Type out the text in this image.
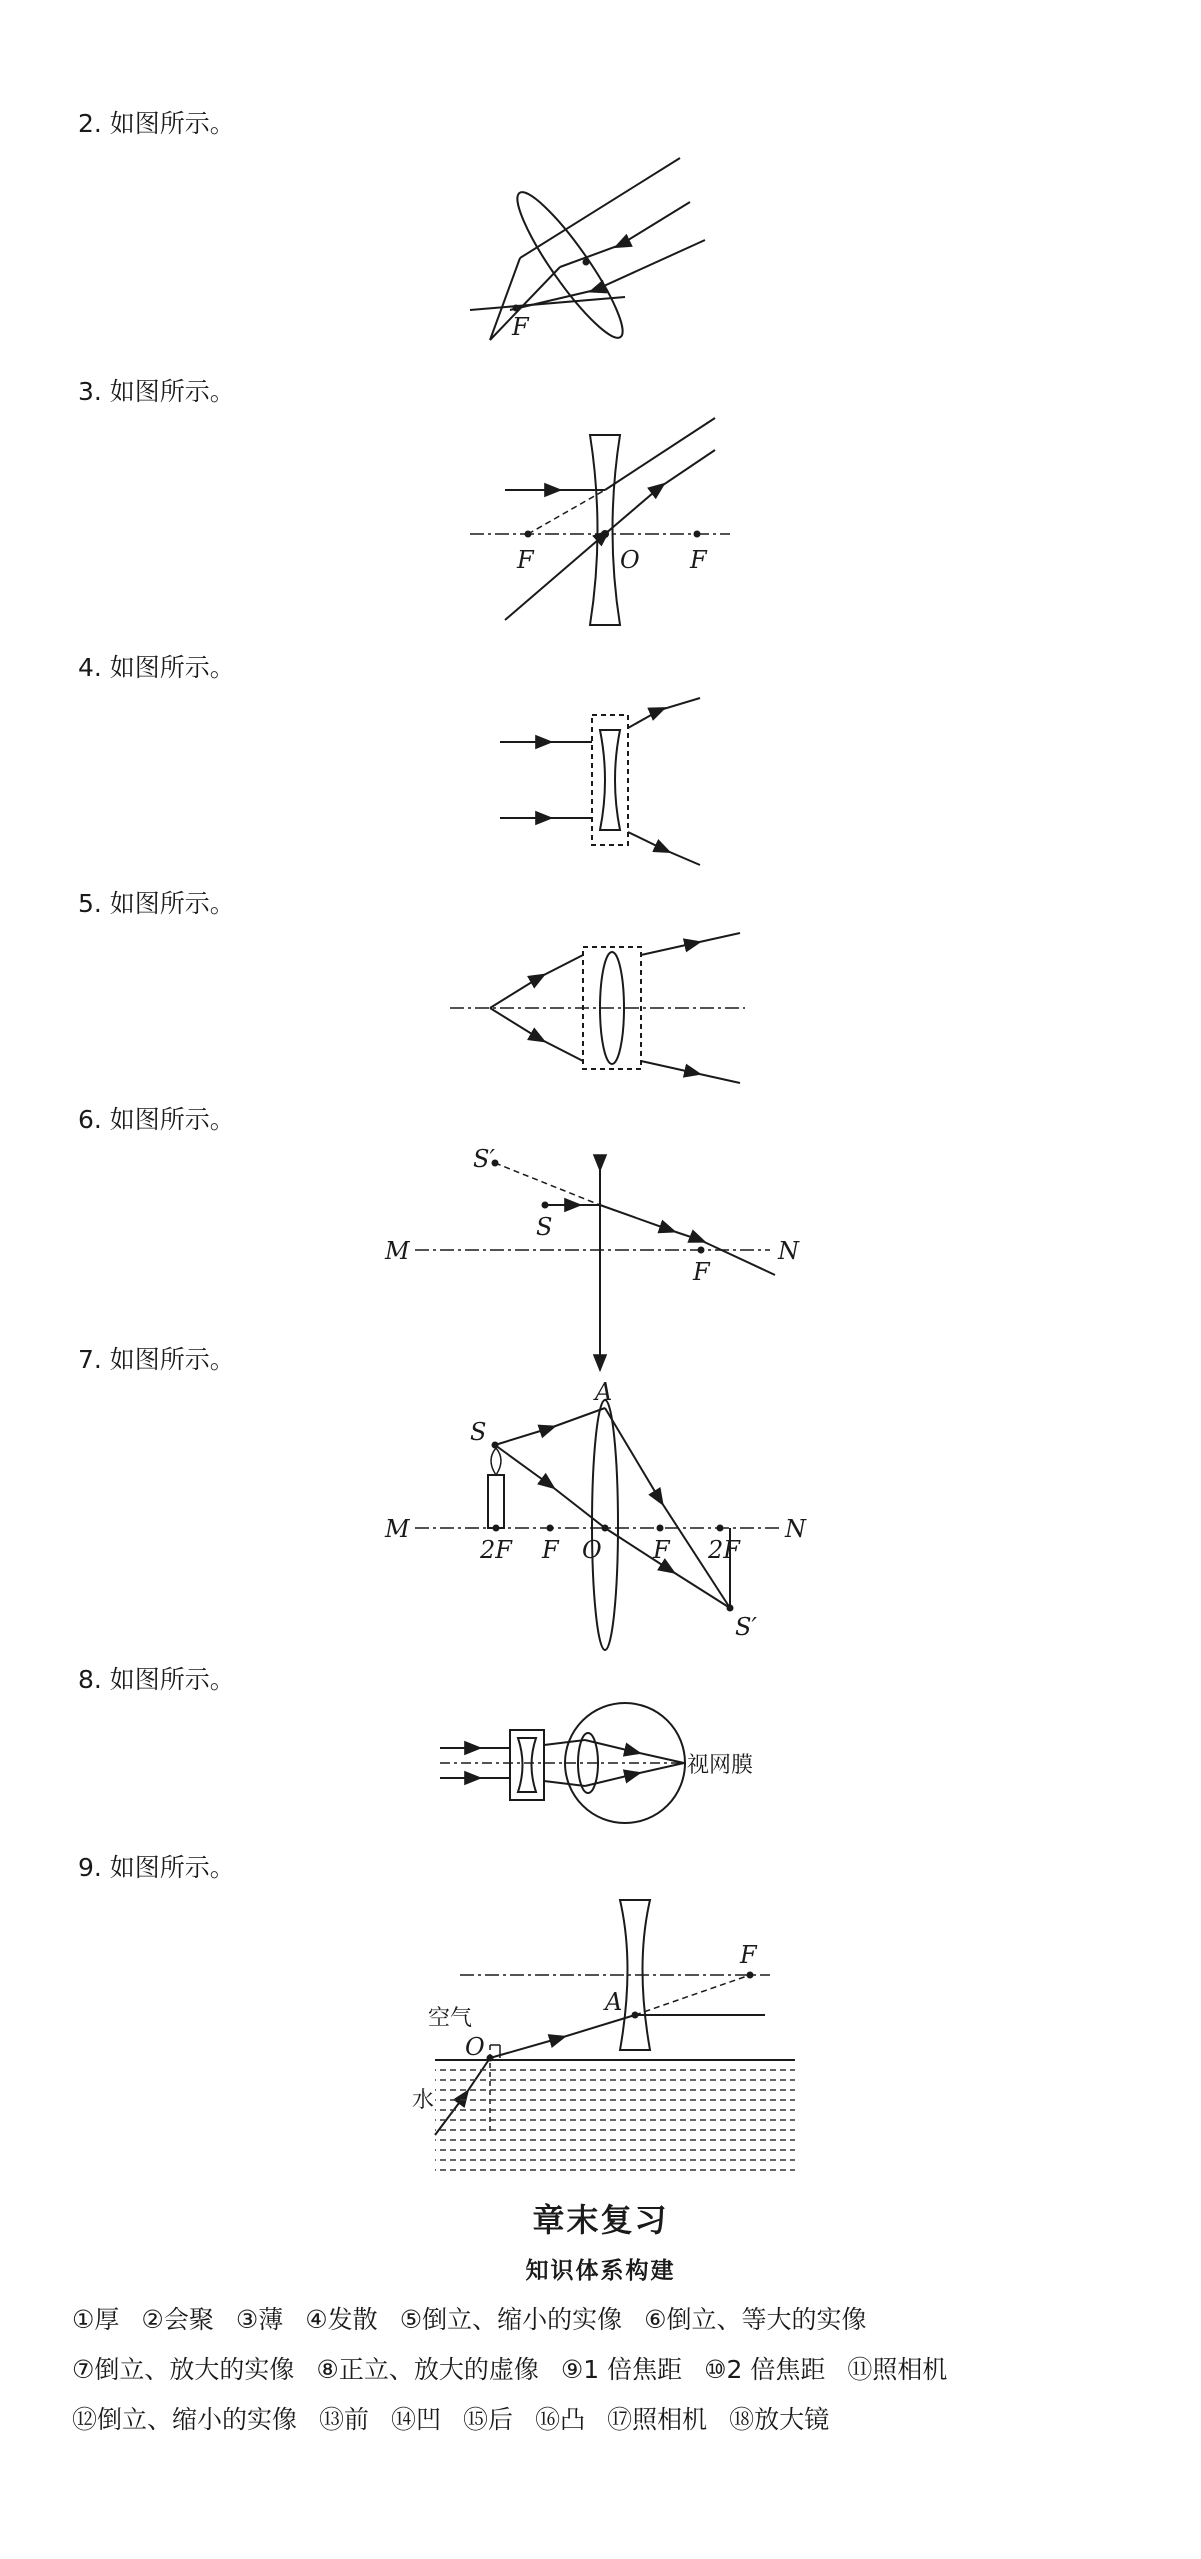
2. 如图所示。
F
3. 如图所示。
F	O F
4. 如图所示。
5. 如图所示。
6. 如图所示。
S′
S
M
F
N
7. 如图所示。
A
S
M
2F F O F 2F
N
S′
8. 如图所示。
视网膜
9. 如图所示。
F
A
空气
O
水
章末复习
知识体系构建
①厚 ②会聚 ③薄 ④发散 ⑤倒立、缩小的实像 ⑥倒立、等大的实像
⑦倒立、放大的实像 ⑧正立、放大的虚像 ⑨1 倍焦距 ⑩2 倍焦距 ⑪照相机
⑫倒立、缩小的实像 ⑬前 ⑭凹 ⑮后 ⑯凸 ⑰照相机 ⑱放大镜
